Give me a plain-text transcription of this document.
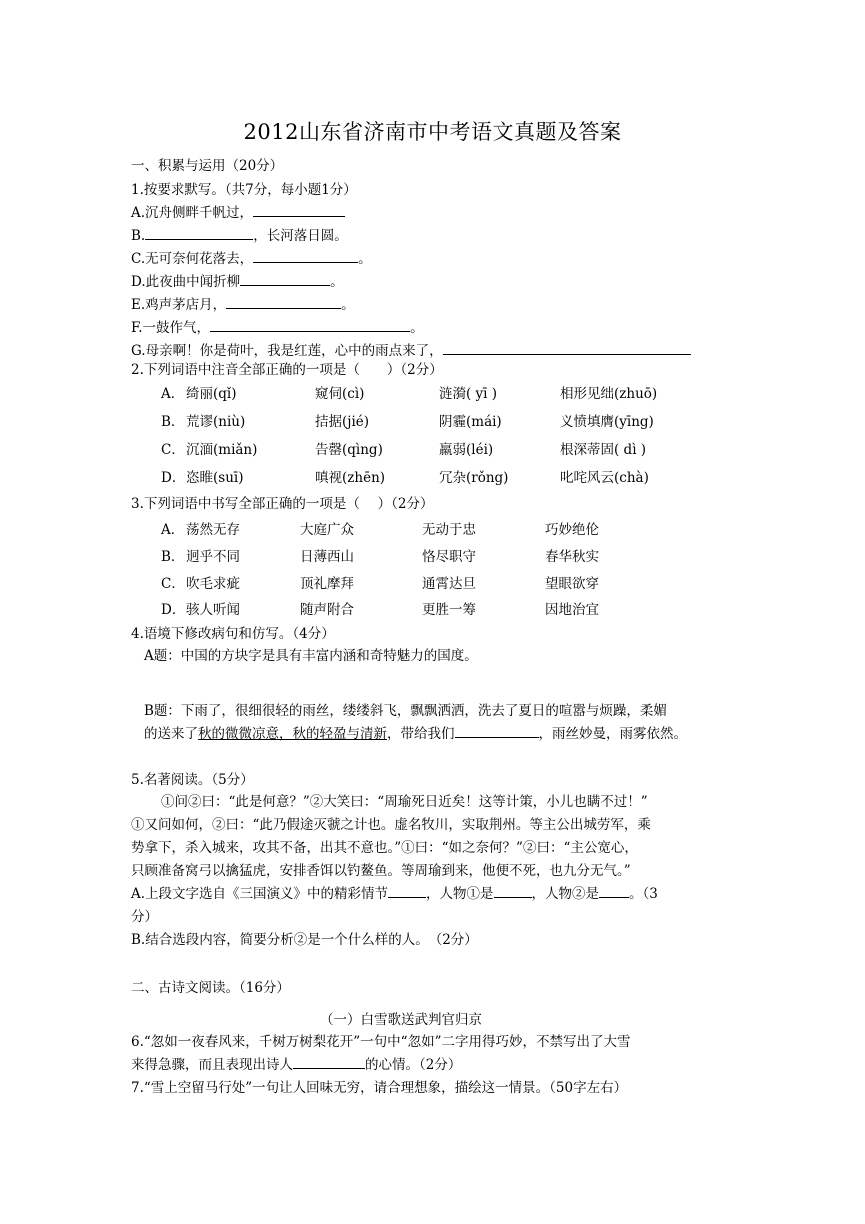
2012山东省济南市中考语文真题及答案
一、积累与运用（20分）
1.按要求默写。（共7分，每小题1分）
A.沉舟侧畔千帆过，
B.	，长河落日圆。
C.无可奈何花落去，	。
D.此夜曲中闻折柳	。
E.鸡声茅店月，	。
F.一鼓作气，	。
G.母亲啊！你是荷叶，我是红莲，心中的雨点来了，
2.下列词语中注音全部正确的一项是（　　）（2分）
A． 绮丽(qǐ)	窥伺(cì)	涟漪( yī )	相形见绌(zhuō)
B． 荒谬(niù)	拮据(jié)	阴霾(mái)	义愤填膺(yīng)
C． 沉湎(miǎn)	告罄(qìng)	羸弱(léi)	根深蒂固( dì )
D． 恣睢(suī)	嗔视(zhēn)	冗杂(rǒng)	叱咤风云(chà)
3.下列词语中书写全部正确的一项是（　 ）（2分）
A． 荡然无存	大庭广众	无动于忠	巧妙绝伦
B． 迥乎不同	日薄西山	恪尽职守	春华秋实
C． 吹毛求疵	顶礼摩拜	通霄达旦	望眼欲穿
D． 骇人听闻	随声附合	更胜一筹	因地治宜
4.语境下修改病句和仿写。（4分）
A题：中国的方块字是具有丰富内涵和奇特魅力的国度。
B题：下雨了，很细很轻的雨丝，缕缕斜飞，飘飘洒洒，洗去了夏日的喧嚣与烦躁，柔媚
的送来了秋的微微凉意，秋的轻盈与清新，带给我们	，雨丝妙曼，雨雾依然。
5.名著阅读。（5分）
①问②曰：“此是何意？”②大笑曰：“周瑜死日近矣！这等计策，小儿也瞒不过！”
①又问如何，②曰：“此乃假途灭虢之计也。虚名牧川，实取荆州。等主公出城劳军，乘
势拿下，杀入城来，攻其不备，出其不意也。”①曰：“如之奈何？”②曰：“主公宽心，
只顾准备窝弓以擒猛虎，安排香饵以钓鳌鱼。等周瑜到来，他便不死，也九分无气。”
A.上段文字选自《三国演义》中的精彩情节	，人物①是	，人物②是 。（3
分）
B.结合选段内容，简要分析②是一个什么样的人。　（2分）
二、古诗文阅读。（16分）
（一）白雪歌送武判官归京
6.“忽如一夜春风来，千树万树梨花开”一句中“忽如”二字用得巧妙，不禁写出了大雪
来得急骤，而且表现出诗人	的心情。（2分）
7.“雪上空留马行处”一句让人回味无穷，请合理想象，描绘这一情景。（50字左右）
